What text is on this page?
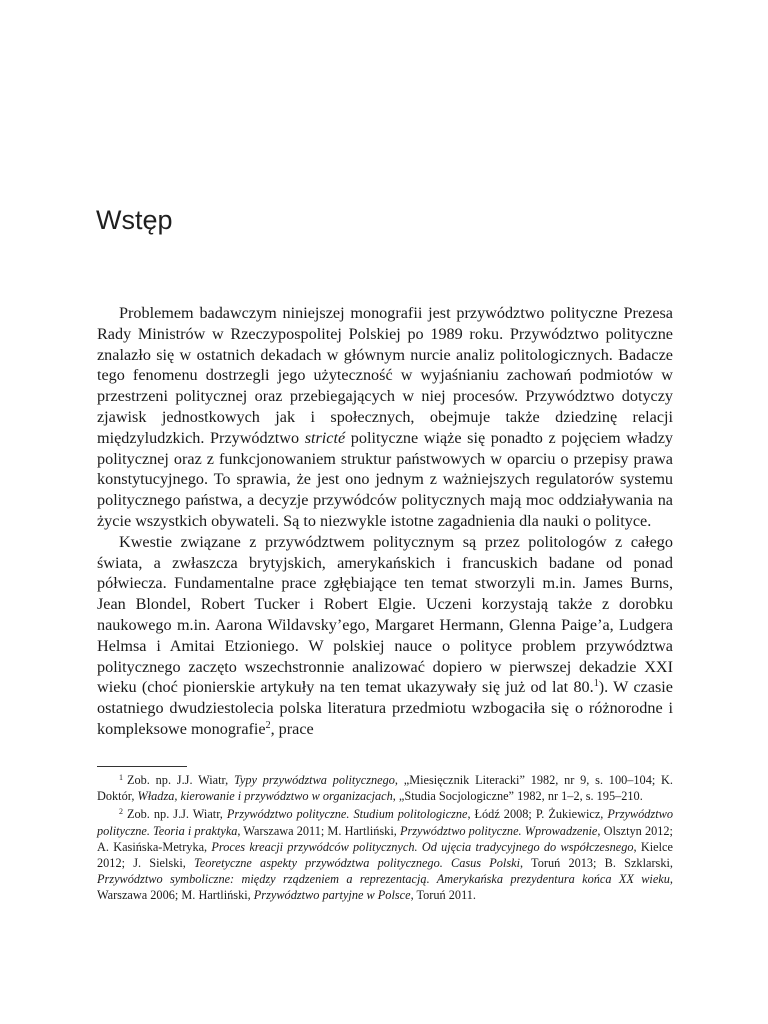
Wstęp

Problemem badawczym niniejszej monografii jest przywództwo polityczne Prezesa Rady Ministrów w Rzeczypospolitej Polskiej po 1989 roku. Przywództwo polityczne znalazło się w ostatnich dekadach w głównym nurcie analiz politologicznych. Badacze tego fenomenu dostrzegli jego użyteczność w wyjaśnianiu zachowań podmiotów w przestrzeni politycznej oraz przebiegających w niej procesów. Przywództwo dotyczy zjawisk jednostkowych jak i społecznych, obejmuje także dziedzinę relacji międzyludzkich. Przywództwo stricté polityczne wiąże się ponadto z pojęciem władzy politycznej oraz z funkcjonowaniem struktur państwowych w oparciu o przepisy prawa konstytucyjnego. To sprawia, że jest ono jednym z ważniejszych regulatorów systemu politycznego państwa, a decyzje przywódców politycznych mają moc oddziaływania na życie wszystkich obywateli. Są to niezwykle istotne zagadnienia dla nauki o polityce.

Kwestie związane z przywództwem politycznym są przez politologów z całego świata, a zwłaszcza brytyjskich, amerykańskich i francuskich badane od ponad półwiecza. Fundamentalne prace zgłębiające ten temat stworzyli m.in. James Burns, Jean Blondel, Robert Tucker i Robert Elgie. Uczeni korzystają także z dorobku naukowego m.in. Aarona Wildavsky’ego, Margaret Hermann, Glenna Paige’a, Ludgera Helmsa i Amitai Etzioniego. W polskiej nauce o polityce problem przywództwa politycznego zaczęto wszechstronnie analizować dopiero w pierwszej dekadzie XXI wieku (choć pionierskie artykuły na ten temat ukazywały się już od lat 80.$^1$). W czasie ostatniego dwudziestolecia polska literatura przedmiotu wzbogaciła się o różnorodne i kompleksowe monografie$^2$, prace

$^1$ Zob. np. J.J. Wiatr, Typy przywództwa politycznego, „Miesięcznik Literacki” 1982, nr 9, s. 100–104; K. Doktór, Władza, kierowanie i przywództwo w organizacjach, „Studia Socjologiczne” 1982, nr 1–2, s. 195–210.

$^2$ Zob. np. J.J. Wiatr, Przywództwo polityczne. Studium politologiczne, Łódź 2008; P. Żukiewicz, Przywództwo polityczne. Teoria i praktyka, Warszawa 2011; M. Hartliński, Przywództwo polityczne. Wprowadzenie, Olsztyn 2012; A. Kasińska-Metryka, Proces kreacji przywódców politycznych. Od ujęcia tradycyjnego do współczesnego, Kielce 2012; J. Sielski, Teoretyczne aspekty przywództwa politycznego. Casus Polski, Toruń 2013; B. Szklarski, Przywództwo symboliczne: między rządzeniem a reprezentacją. Amerykańska prezydentura końca XX wieku, Warszawa 2006; M. Hartliński, Przywództwo partyjne w Polsce, Toruń 2011.
